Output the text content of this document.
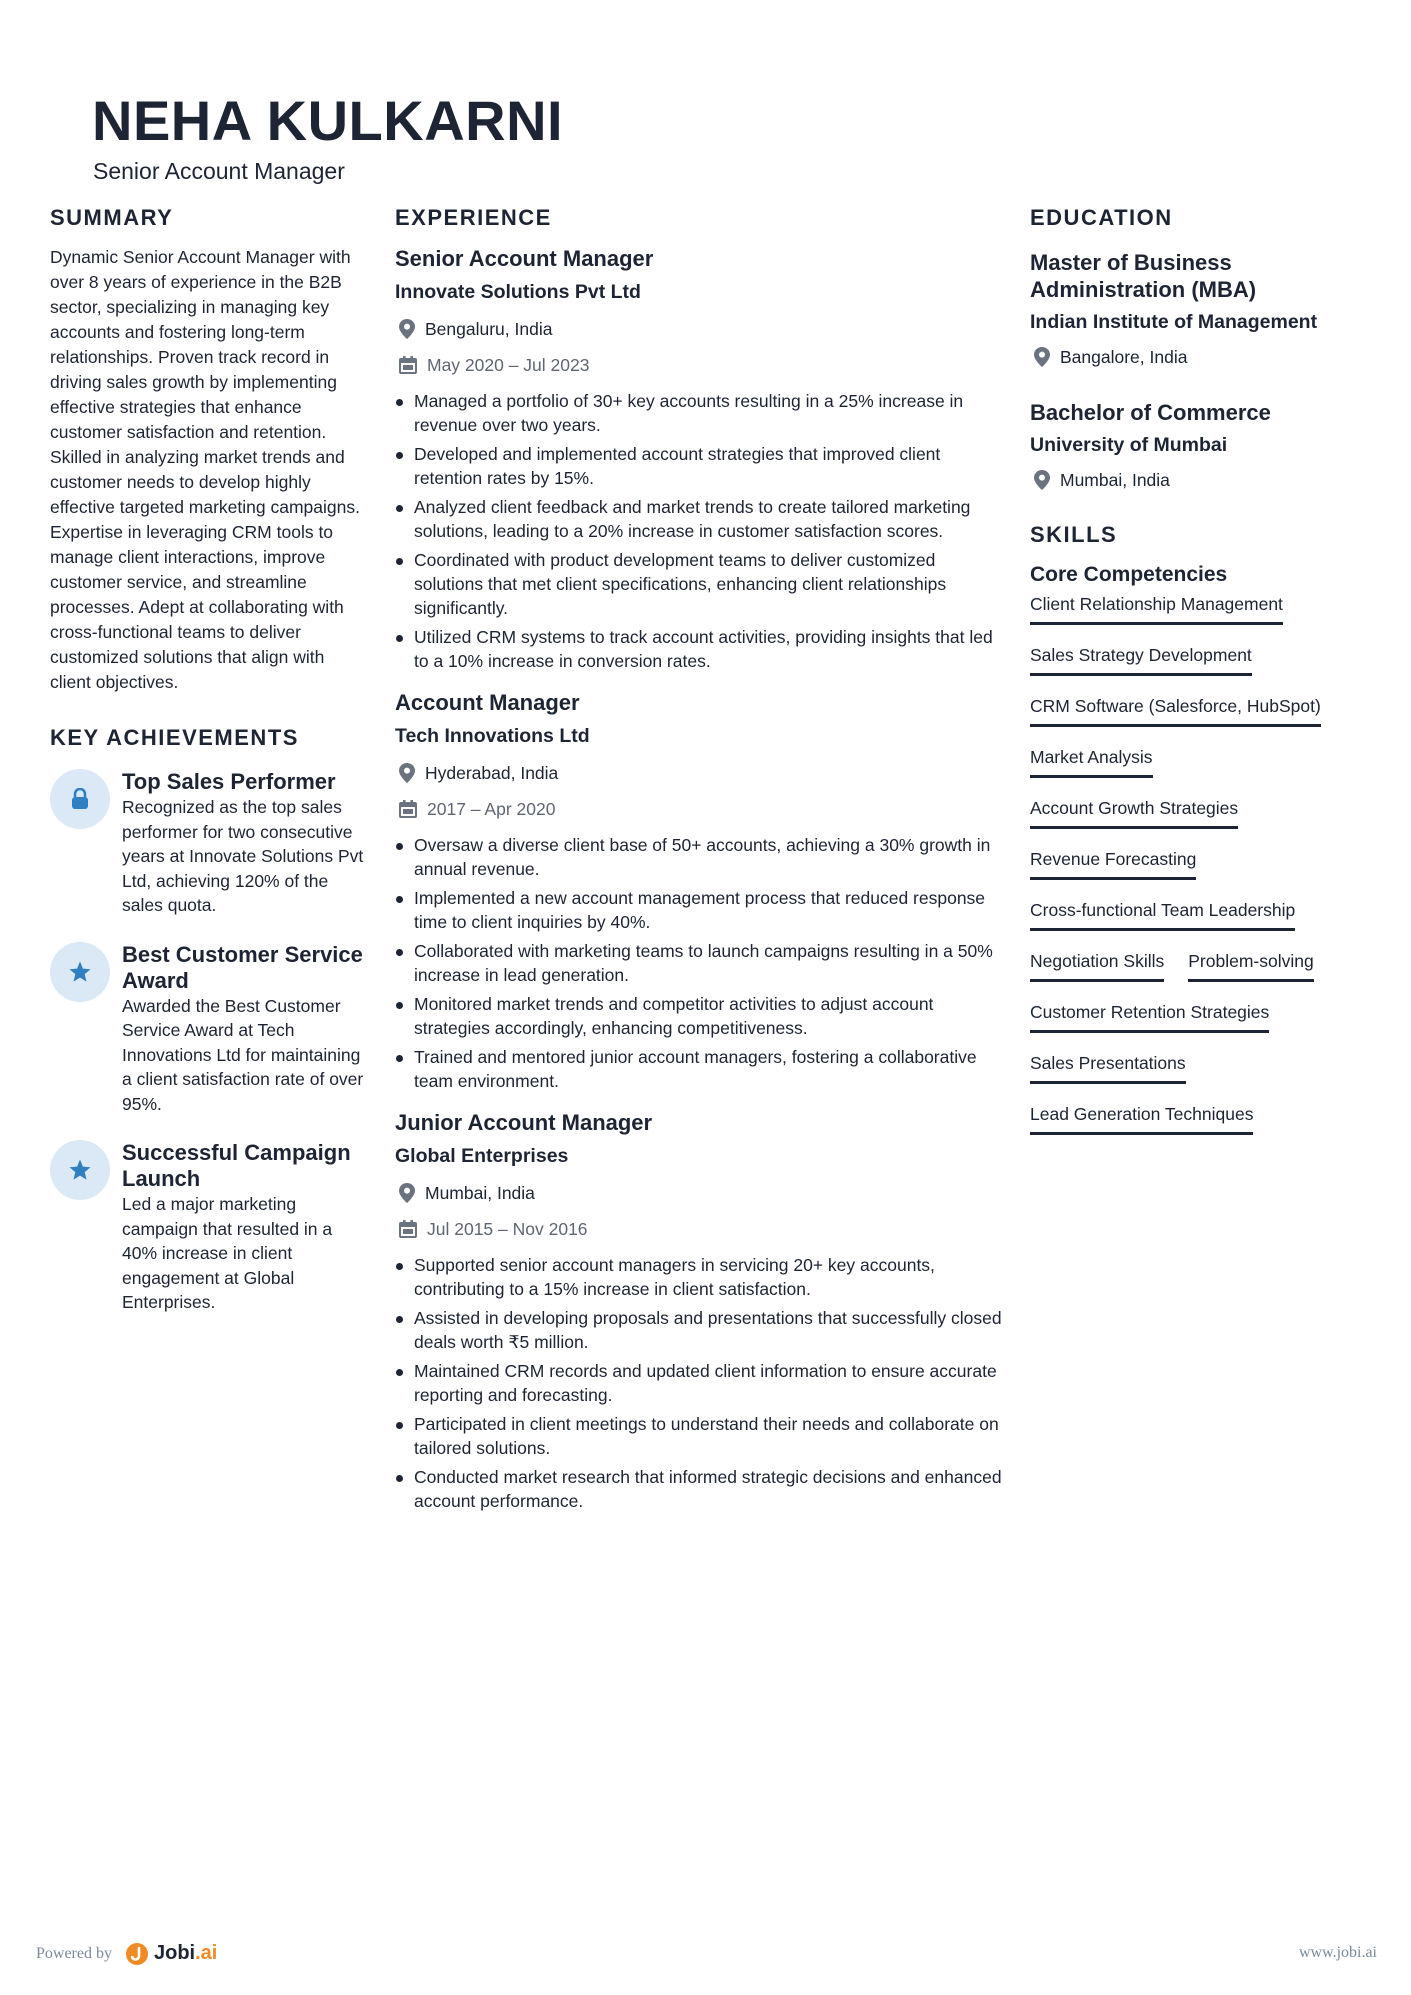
NEHA KULKARNI
Senior Account Manager
SUMMARY

Dynamic Senior Account Manager with over 8 years of experience in the B2B sector, specializing in managing key accounts and fostering long-term relationships. Proven track record in driving sales growth by implementing effective strategies that enhance customer satisfaction and retention. Skilled in analyzing market trends and customer needs to develop highly effective targeted marketing campaigns. Expertise in leveraging CRM tools to manage client interactions, improve customer service, and streamline processes. Adept at collaborating with cross-functional teams to deliver customized solutions that align with client objectives.

KEY ACHIEVEMENTS

Top Sales Performer

Recognized as the top sales performer for two consecutive years at Innovate Solutions Pvt Ltd, achieving 120% of the sales quota.

Best Customer Service Award

Awarded the Best Customer Service Award at Tech Innovations Ltd for maintaining a client satisfaction rate of over 95%.

Successful Campaign Launch

Led a major marketing campaign that resulted in a 40% increase in client engagement at Global Enterprises.

EXPERIENCE

Senior Account Manager

Innovate Solutions Pvt Ltd

Bengaluru, India
May 2020 – Jul 2023
Managed a portfolio of 30+ key accounts resulting in a 25% increase in revenue over two years.
Developed and implemented account strategies that improved client retention rates by 15%.
Analyzed client feedback and market trends to create tailored marketing solutions, leading to a 20% increase in customer satisfaction scores.
Coordinated with product development teams to deliver customized solutions that met client specifications, enhancing client relationships significantly.
Utilized CRM systems to track account activities, providing insights that led to a 10% increase in conversion rates.

Account Manager

Tech Innovations Ltd

Hyderabad, India
2017 – Apr 2020
Oversaw a diverse client base of 50+ accounts, achieving a 30% growth in annual revenue.
Implemented a new account management process that reduced response time to client inquiries by 40%.
Collaborated with marketing teams to launch campaigns resulting in a 50% increase in lead generation.
Monitored market trends and competitor activities to adjust account strategies accordingly, enhancing competitiveness.
Trained and mentored junior account managers, fostering a collaborative team environment.

Junior Account Manager

Global Enterprises

Mumbai, India
Jul 2015 – Nov 2016
Supported senior account managers in servicing 20+ key accounts, contributing to a 15% increase in client satisfaction.
Assisted in developing proposals and presentations that successfully closed deals worth ₹5 million.
Maintained CRM records and updated client information to ensure accurate reporting and forecasting.
Participated in client meetings to understand their needs and collaborate on tailored solutions.
Conducted market research that informed strategic decisions and enhanced account performance.
EDUCATION

Master of Business Administration (MBA)

Indian Institute of Management

Bangalore, India

Bachelor of Commerce

University of Mumbai

Mumbai, India
SKILLS

Core Competencies

Client Relationship Management
Sales Strategy Development
CRM Software (Salesforce, HubSpot)
Market Analysis
Account Growth Strategies
Revenue Forecasting
Cross-functional Team Leadership
Negotiation Skills Problem-solving
Customer Retention Strategies
Sales Presentations
Lead Generation Techniques
Powered by Jobi.ai	www.jobi.ai
